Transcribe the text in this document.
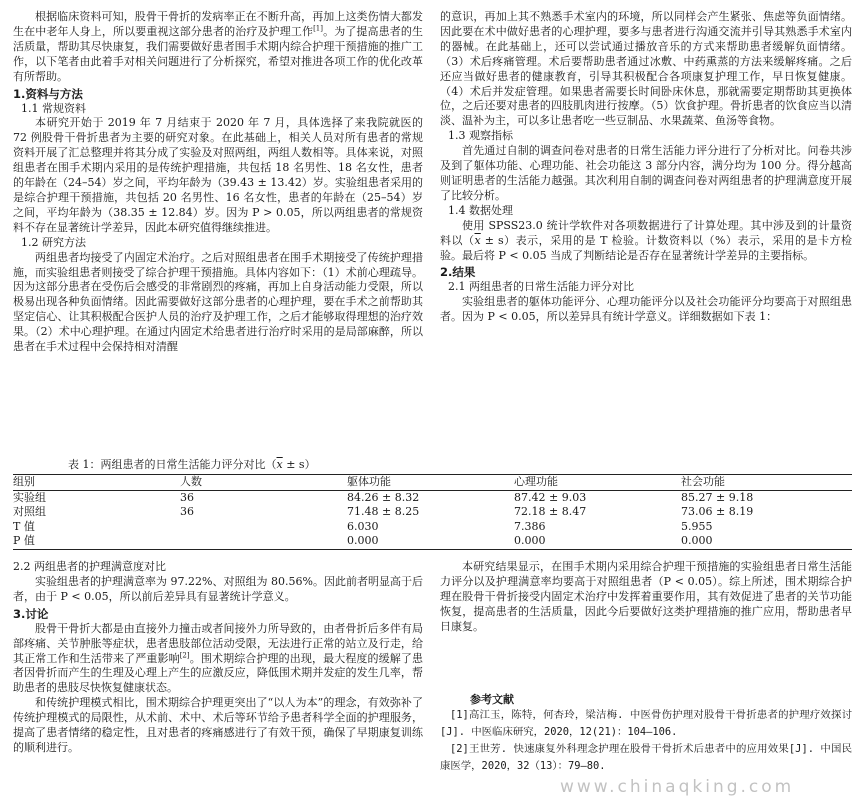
根据临床资料可知，股骨干骨折的发病率正在不断升高，再加上这类伤情大都发生在中老年人身上，所以要重视这部分患者的治疗及护理工作[1]。为了提高患者的生活质量，帮助其尽快康复，我们需要做好患者围手术期内综合护理干预措施的推广工作，以下笔者由此着手对相关问题进行了分析探究，希望对推进各项工作的优化改革有所帮助。

1.资料与方法
1.1 常规资料

本研究开始于 2019 年 7 月结束于 2020 年 7 月，具体选择了来我院就医的 72 例股骨干骨折患者为主要的研究对象。在此基础上，相关人员对所有患者的常规资料开展了汇总整理并将其分成了实验及对照两组，两组人数相等。具体来说，对照组患者在围手术期内采用的是传统护理措施，共包括 18 名男性、18 名女性，患者的年龄在（24–54）岁之间，平均年龄为（39.43 ± 13.42）岁。实验组患者采用的是综合护理干预措施，共包括 20 名男性、16 名女性，患者的年龄在（25–54）岁之间，平均年龄为（38.35 ± 12.84）岁。因为 P > 0.05，所以两组患者的常规资料不存在显著统计学差异，因此本研究值得继续推进。

1.2 研究方法

两组患者均接受了内固定术治疗。之后对照组患者在围手术期接受了传统护理措施，而实验组患者则接受了综合护理干预措施。具体内容如下：（1）术前心理疏导。因为这部分患者在受伤后会感受的非常剧烈的疼痛，再加上自身活动能力受限，所以极易出现各种负面情绪。因此需要做好这部分患者的心理护理，要在手术之前帮助其坚定信心、让其积极配合医护人员的治疗及护理工作，之后才能够取得理想的治疗效果。（2）术中心理护理。在通过内固定术给患者进行治疗时采用的是局部麻醉，所以患者在手术过程中会保持相对清醒

的意识，再加上其不熟悉手术室内的环境，所以同样会产生紧张、焦虑等负面情绪。因此要在术中做好患者的心理护理，要多与患者进行沟通交流并引导其熟悉手术室内的器械。在此基础上，还可以尝试通过播放音乐的方式来帮助患者缓解负面情绪。（3）术后疼痛管理。术后要帮助患者通过冰敷、中药熏蒸的方法来缓解疼痛。之后还应当做好患者的健康教育，引导其积极配合各项康复护理工作，早日恢复健康。（4）术后并发症管理。如果患者需要长时间卧床休息，那就需要定期帮助其更换体位，之后还要对患者的四肢肌肉进行按摩。（5）饮食护理。骨折患者的饮食应当以清淡、温补为主，可以多让患者吃一些豆制品、水果蔬菜、鱼汤等食物。

1.3 观察指标

首先通过自制的调查问卷对患者的日常生活能力评分进行了分析对比。问卷共涉及到了躯体功能、心理功能、社会功能这 3 部分内容，满分均为 100 分。得分越高则证明患者的生活能力越强。其次利用自制的调查问卷对两组患者的护理满意度开展了比较分析。

1.4 数据处理

使用 SPSS23.0 统计学软件对各项数据进行了计算处理。其中涉及到的计量资料以$(\overline{x} \pm s)$表示，采用的是 T 检验。计数资料以（%）表示，采用的是卡方检验。最后将 P < 0.05 当成了判断结论是否存在显著统计学差异的主要指标。

2.结果
2.1 两组患者的日常生活能力评分对比

实验组患者的躯体功能评分、心理功能评分以及社会功能评分均要高于对照组患者。因为 P < 0.05，所以差异具有统计学意义。详细数据如下表 1：

表 1：两组患者的日常生活能力评分对比$(\overline{x} \pm s)$
组别	人数	躯体功能	心理功能	社会功能
实验组	36	84.26 ± 8.32	87.42 ± 9.03	85.27 ± 9.18
对照组	36	71.48 ± 8.25	72.18 ± 8.47	73.06 ± 8.19
T 值		6.030	7.386	5.955
P 值		0.000	0.000	0.000
2.2 两组患者的护理满意度对比

实验组患者的护理满意率为 97.22%、对照组为 80.56%。因此前者明显高于后者，由于 P < 0.05，所以前后差异具有显著统计学意义。

3.讨论

股骨干骨折大都是由直接外力撞击或者间接外力所导致的，由者骨折后多伴有局部疼痛、关节肿胀等症状，患者患肢部位活动受限，无法进行正常的站立及行走，给其正常工作和生活带来了严重影响[2]。围术期综合护理的出现，最大程度的缓解了患者因骨折而产生的生理及心理上产生的应激反应，降低围术期并发症的发生几率，帮助患者的患肢尽快恢复健康状态。

和传统护理模式相比，围术期综合护理更突出了“以人为本”的理念，有效弥补了传统护理模式的局限性，从术前、术中、术后等环节给予患者科学全面的护理服务，提高了患者情绪的稳定性，且对患者的疼痛感进行了有效干预，确保了早期康复训练的顺利进行。

本研究结果显示，在围手术期内采用综合护理干预措施的实验组患者日常生活能力评分以及护理满意率均要高于对照组患者（P < 0.05）。综上所述，围术期综合护理在股骨干骨折接受内固定术治疗中发挥着重要作用，其有效促进了患者的关节功能恢复，提高患者的生活质量，因此今后要做好这类护理措施的推广应用，帮助患者早日康复。

参考文献

[1]高江玉，陈特，何杏玲，梁洁梅. 中医骨伤护理对股骨干骨折患者的护理疗效探讨[J]. 中医临床研究，2020，12(21)：104–106.

[2]王世芳. 快速康复外科理念护理在股骨干骨折术后患者中的应用效果[J]. 中国民康医学，2020，32（13）：79–80.

www.chinaqking.com
